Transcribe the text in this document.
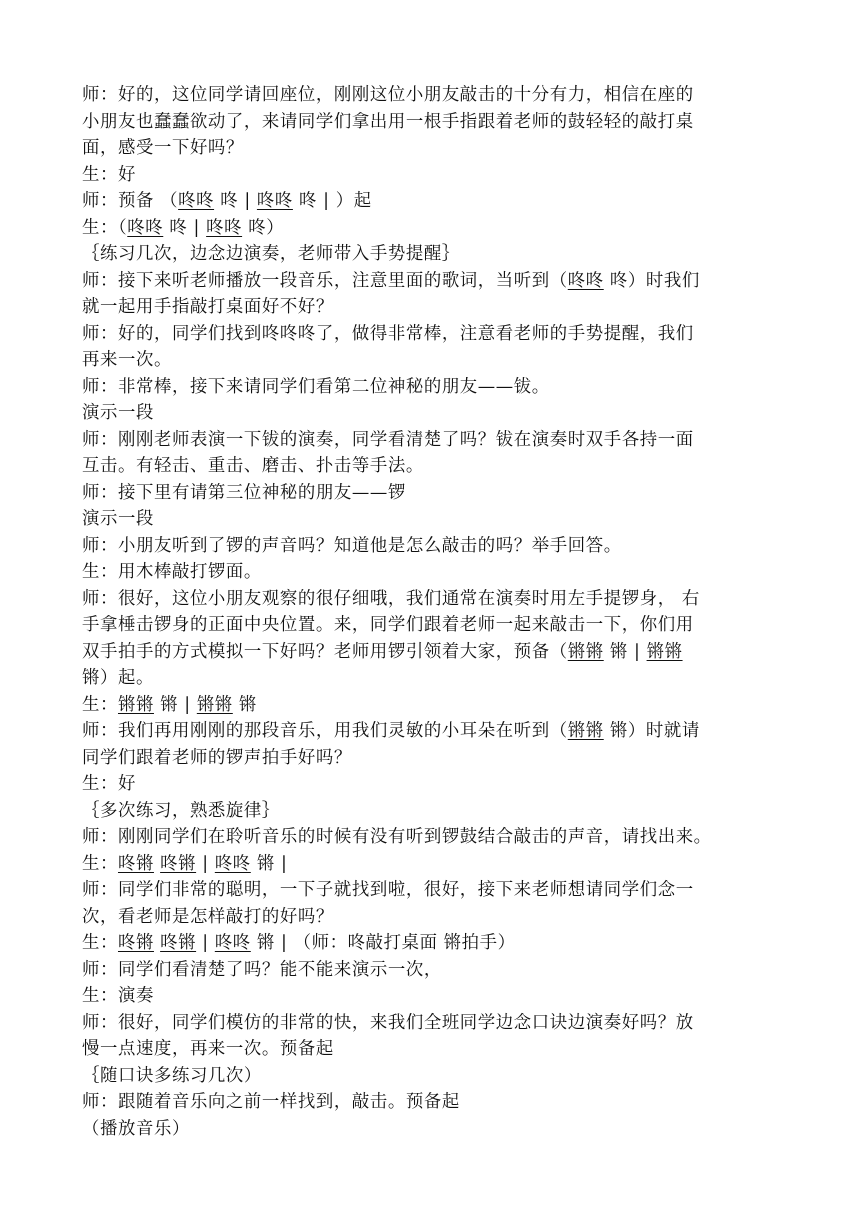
师：好的，这位同学请回座位，刚刚这位小朋友敲击的十分有力，相信在座的
小朋友也蠢蠢欲动了，来请同学们拿出用一根手指跟着老师的鼓轻轻的敲打桌
面，感受一下好吗？
生：好
师：预备 （咚咚 咚 | 咚咚 咚 | ）起
生：（咚咚 咚 | 咚咚 咚）
｛练习几次，边念边演奏，老师带入手势提醒｝
师：接下来听老师播放一段音乐，注意里面的歌词，当听到（咚咚 咚）时我们
就一起用手指敲打桌面好不好？
师：好的，同学们找到咚咚咚了，做得非常棒，注意看老师的手势提醒，我们
再来一次。
师：非常棒，接下来请同学们看第二位神秘的朋友——钹。
演示一段
师：刚刚老师表演一下钹的演奏，同学看清楚了吗？钹在演奏时双手各持一面
互击。有轻击、重击、磨击、扑击等手法。
师：接下里有请第三位神秘的朋友——锣
演示一段
师：小朋友听到了锣的声音吗？知道他是怎么敲击的吗？举手回答。
生：用木棒敲打锣面。
师：很好，这位小朋友观察的很仔细哦，我们通常在演奏时用左手提锣身， 右
手拿棰击锣身的正面中央位置。来，同学们跟着老师一起来敲击一下，你们用
双手拍手的方式模拟一下好吗？老师用锣引领着大家，预备（锵锵 锵 | 锵锵
锵）起。
生：锵锵 锵 | 锵锵 锵
师：我们再用刚刚的那段音乐，用我们灵敏的小耳朵在听到（锵锵 锵）时就请
同学们跟着老师的锣声拍手好吗？
生：好
｛多次练习，熟悉旋律｝
师：刚刚同学们在聆听音乐的时候有没有听到锣鼓结合敲击的声音，请找出来。
生：咚锵 咚锵 | 咚咚 锵 |
师：同学们非常的聪明，一下子就找到啦，很好，接下来老师想请同学们念一
次，看老师是怎样敲打的好吗？
生：咚锵 咚锵 | 咚咚 锵 | （师：咚敲打桌面 锵拍手）
师：同学们看清楚了吗？能不能来演示一次，
生：演奏
师：很好，同学们模仿的非常的快，来我们全班同学边念口诀边演奏好吗？放
慢一点速度，再来一次。预备起
｛随口诀多练习几次）
师：跟随着音乐向之前一样找到，敲击。预备起
（播放音乐）
